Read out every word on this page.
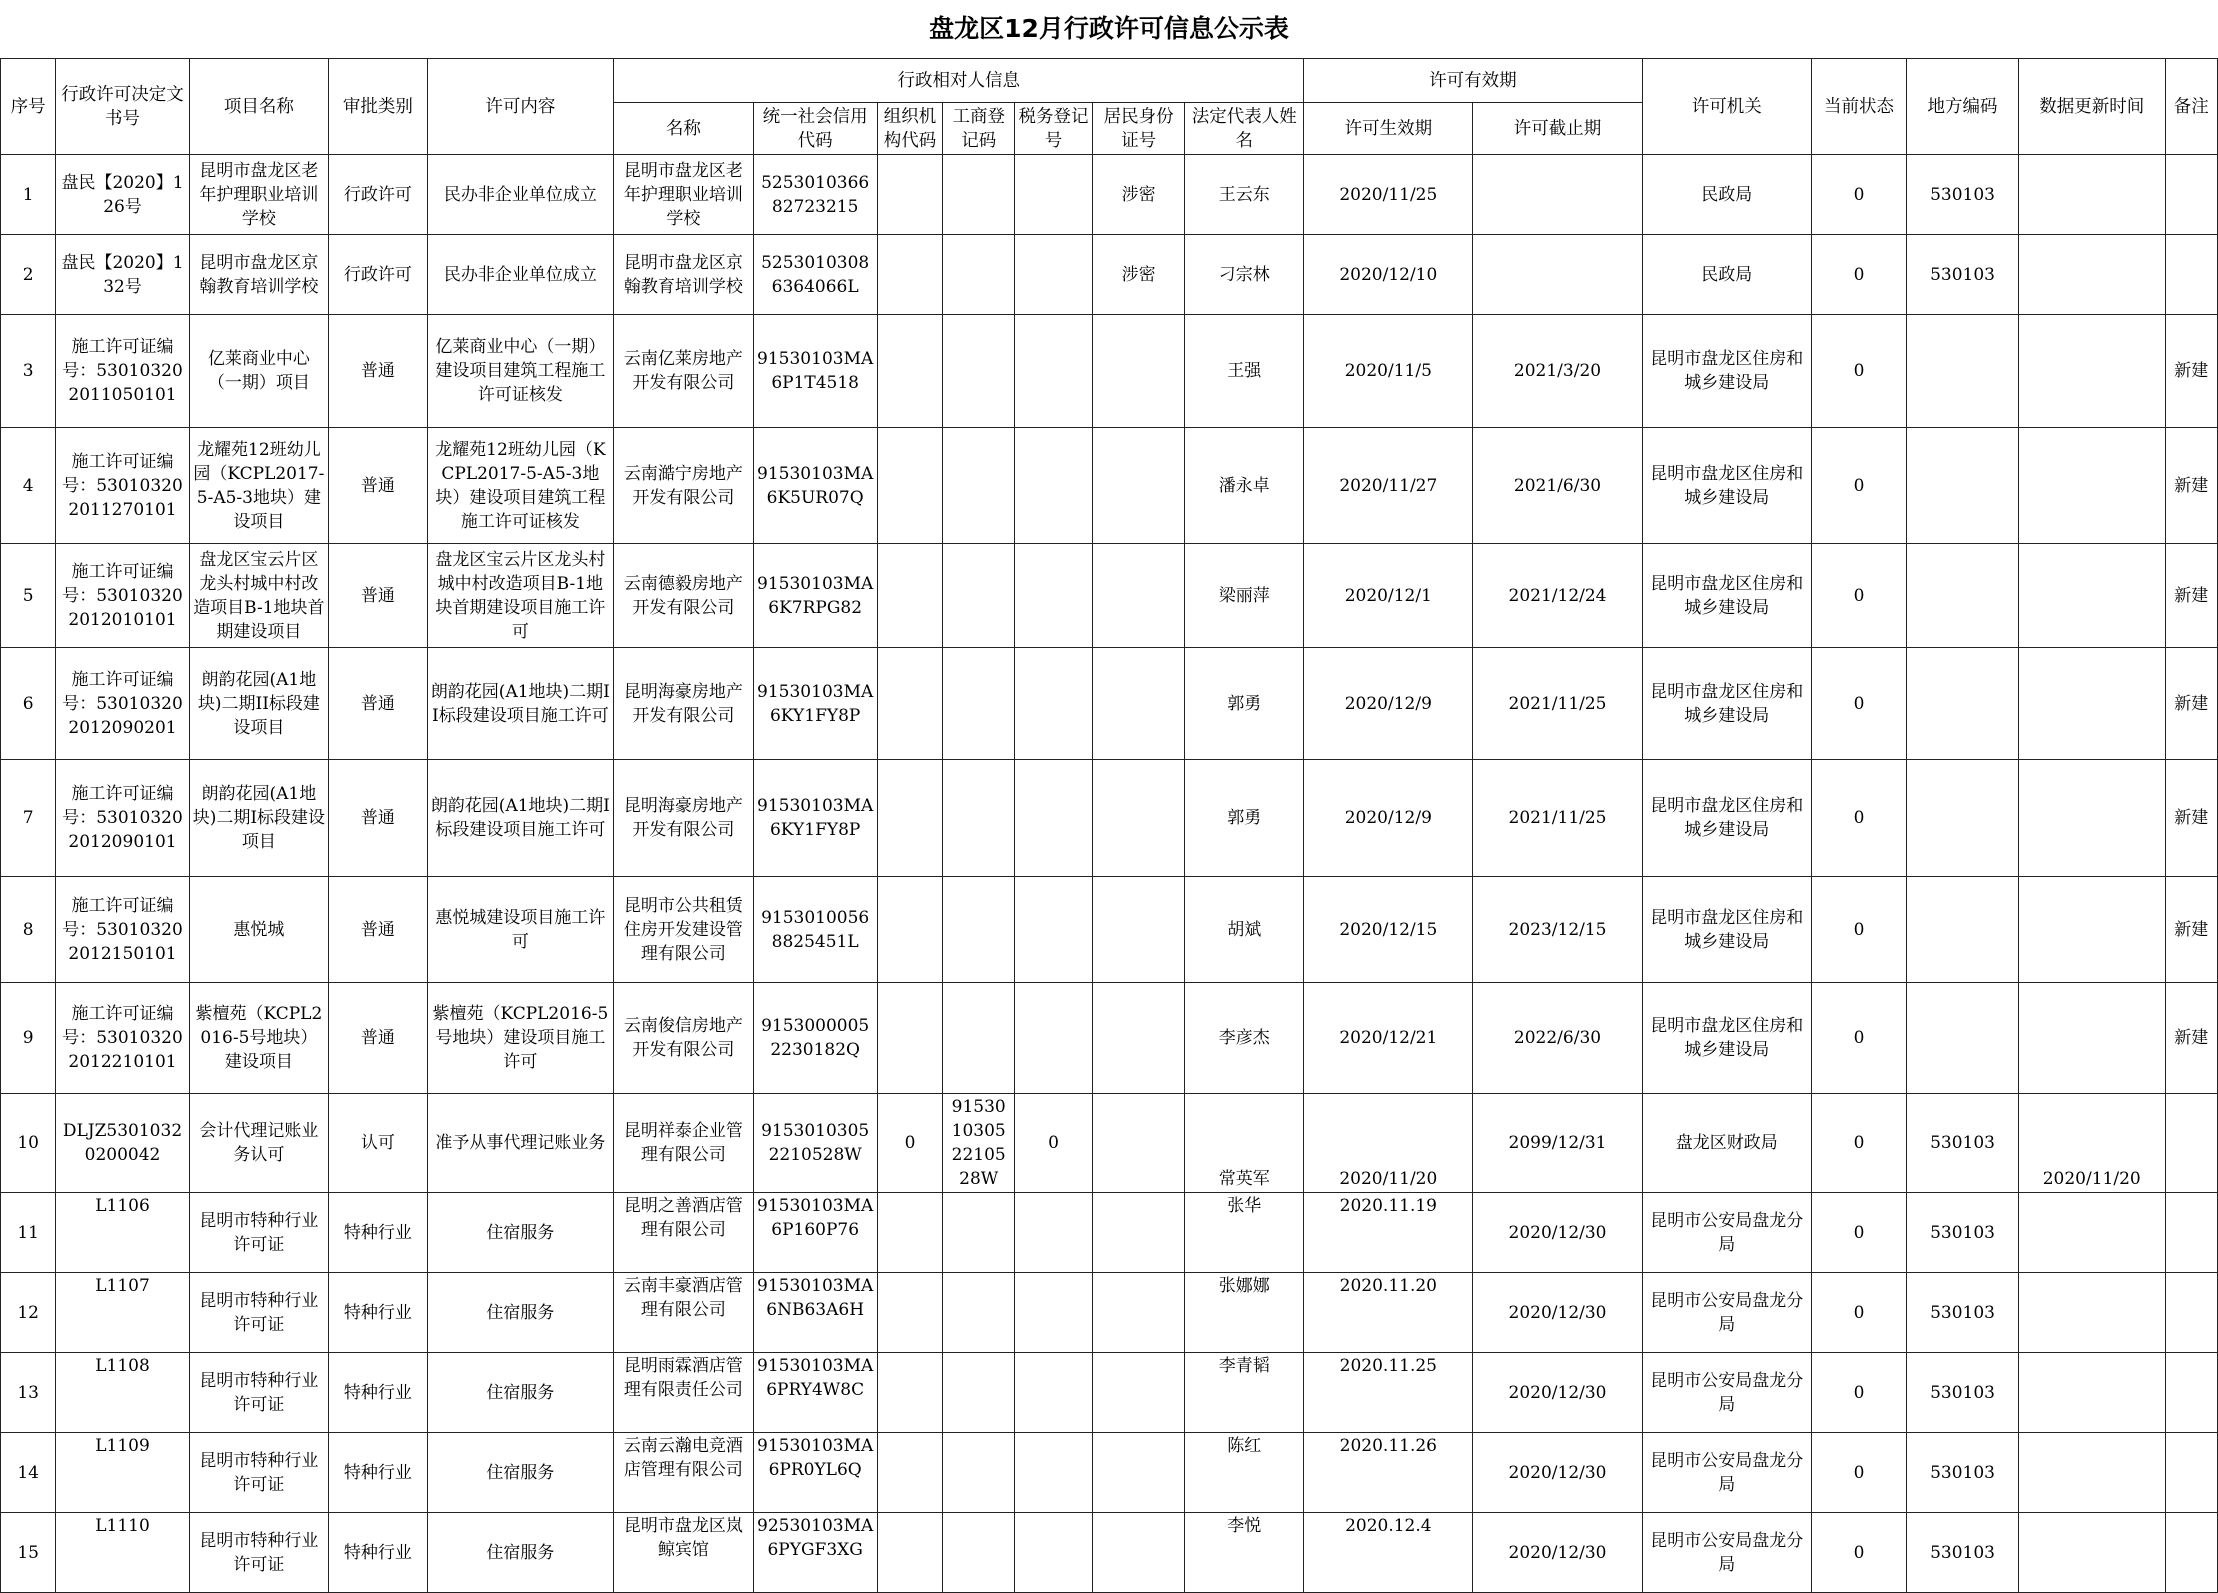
盘龙区12月行政许可信息公示表
序号	行政许可决定文书号	项目名称	审批类别	许可内容	行政相对人信息							许可有效期		许可机关	当前状态	地方编码	数据更新时间	备注
					名称	统一社会信用代码	组织机构代码	工商登记码	税务登记号	居民身份证号	法定代表人姓名	许可生效期	许可截止期					
1	盘民【2020】126号	昆明市盘龙区老年护理职业培训学校	行政许可	民办非企业单位成立	昆明市盘龙区老年护理职业培训学校	525301036682723215				涉密	王云东	2020/11/25		民政局	0	530103		
2	盘民【2020】132号	昆明市盘龙区京翰教育培训学校	行政许可	民办非企业单位成立	昆明市盘龙区京翰教育培训学校	52530103086364066L				涉密	刁宗林	2020/12/10		民政局	0	530103		
3	施工许可证编号：530103202011050101	亿莱商业中心（一期）项目	普通	亿莱商业中心（一期）建设项目建筑工程施工许可证核发	云南亿莱房地产开发有限公司	91530103MA6P1T4518					王强	2020/11/5	2021/3/20	昆明市盘龙区住房和城乡建设局	0			新建
4	施工许可证编号：530103202011270101	龙耀苑12班幼儿园（KCPL2017-5-A5-3地块）建设项目	普通	龙耀苑12班幼儿园（KCPL2017-5-A5-3地块）建设项目建筑工程施工许可证核发	云南澔宁房地产开发有限公司	91530103MA6K5UR07Q					潘永卓	2020/11/27	2021/6/30	昆明市盘龙区住房和城乡建设局	0			新建
5	施工许可证编号：530103202012010101	盘龙区宝云片区龙头村城中村改造项目B-1地块首期建设项目	普通	盘龙区宝云片区龙头村城中村改造项目B-1地块首期建设项目施工许可	云南德毅房地产开发有限公司	91530103MA6K7RPG82					梁丽萍	2020/12/1	2021/12/24	昆明市盘龙区住房和城乡建设局	0			新建
6	施工许可证编号：530103202012090201	朗韵花园(A1地块)二期II标段建设项目	普通	朗韵花园(A1地块)二期II标段建设项目施工许可	昆明海豪房地产开发有限公司	91530103MA6KY1FY8P					郭勇	2020/12/9	2021/11/25	昆明市盘龙区住房和城乡建设局	0			新建
7	施工许可证编号：530103202012090101	朗韵花园(A1地块)二期I标段建设项目	普通	朗韵花园(A1地块)二期I标段建设项目施工许可	昆明海豪房地产开发有限公司	91530103MA6KY1FY8P					郭勇	2020/12/9	2021/11/25	昆明市盘龙区住房和城乡建设局	0			新建
8	施工许可证编号：530103202012150101	惠悦城	普通	惠悦城建设项目施工许可	昆明市公共租赁住房开发建设管理有限公司	91530100568825451L					胡斌	2020/12/15	2023/12/15	昆明市盘龙区住房和城乡建设局	0			新建
9	施工许可证编号：530103202012210101	紫檀苑（KCPL2016-5号地块）建设项目	普通	紫檀苑（KCPL2016-5号地块）建设项目施工许可	云南俊信房地产开发有限公司	91530000052230182Q					李彦杰	2020/12/21	2022/6/30	昆明市盘龙区住房和城乡建设局	0			新建
10	DLJZ53010320200042	会计代理记账业务认可	认可	准予从事代理记账业务	昆明祥泰企业管理有限公司	91530103052210528W	0	91530103052210528W	0		常英军	2020/11/20	2099/12/31	盘龙区财政局	0	530103	2020/11/20	
11	L1106	昆明市特种行业许可证	特种行业	住宿服务	昆明之善酒店管理有限公司	91530103MA6P160P76					张华	2020.11.19	2020/12/30	昆明市公安局盘龙分局	0	530103		
12	L1107	昆明市特种行业许可证	特种行业	住宿服务	云南丰豪酒店管理有限公司	91530103MA6NB63A6H					张娜娜	2020.11.20	2020/12/30	昆明市公安局盘龙分局	0	530103		
13	L1108	昆明市特种行业许可证	特种行业	住宿服务	昆明雨霖酒店管理有限责任公司	91530103MA6PRY4W8C					李青韬	2020.11.25	2020/12/30	昆明市公安局盘龙分局	0	530103		
14	L1109	昆明市特种行业许可证	特种行业	住宿服务	云南云瀚电竞酒店管理有限公司	91530103MA6PR0YL6Q					陈红	2020.11.26	2020/12/30	昆明市公安局盘龙分局	0	530103		
15	L1110	昆明市特种行业许可证	特种行业	住宿服务	昆明市盘龙区岚鲸宾馆	92530103MA6PYGF3XG					李悦	2020.12.4	2020/12/30	昆明市公安局盘龙分局	0	530103		
